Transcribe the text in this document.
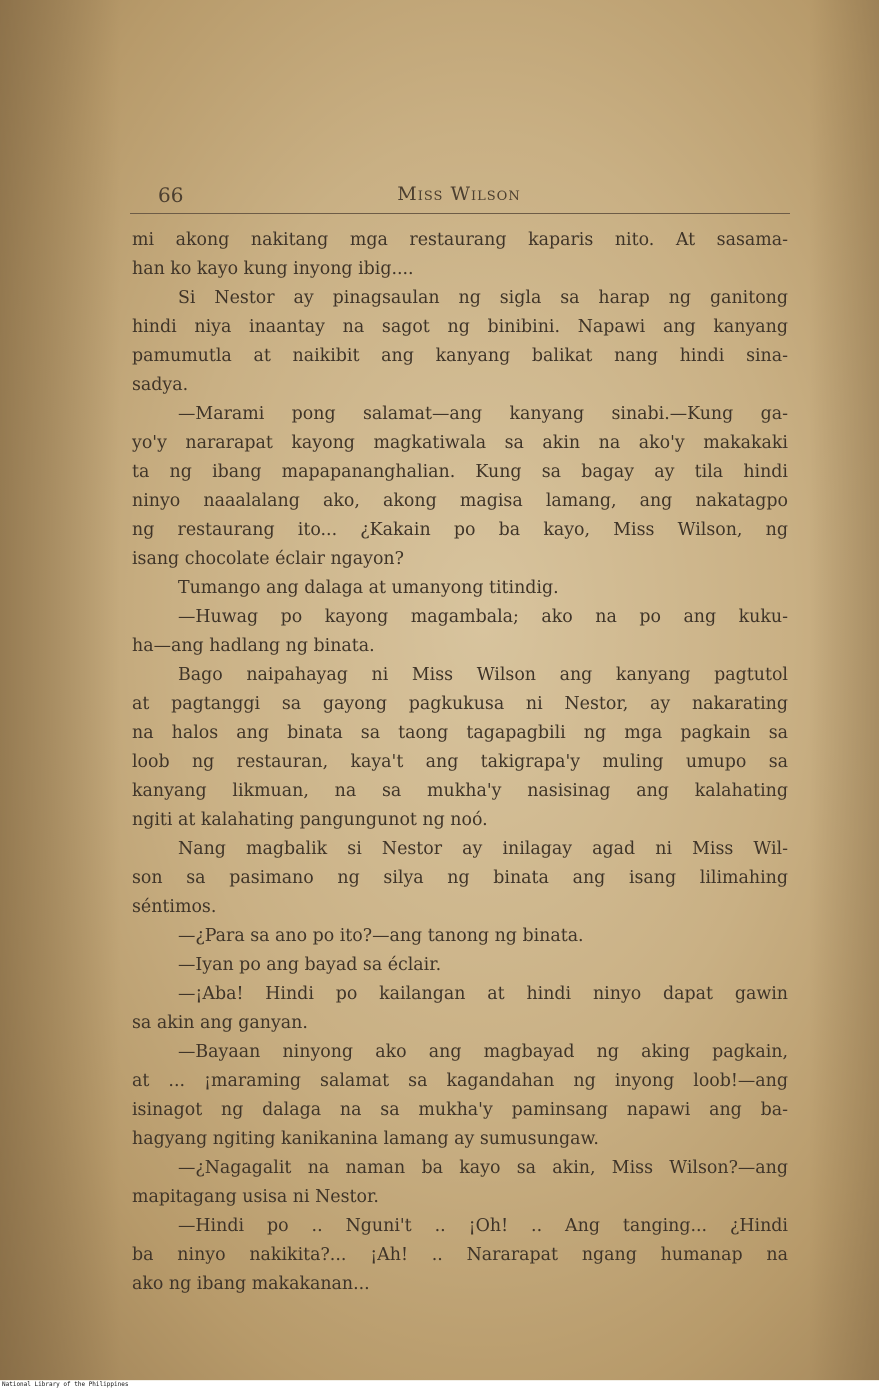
66	Miss Wilson
mi akong nakitang mga restaurang kaparis nito. At sasama-
han ko kayo kung inyong ibig....
Si Nestor ay pinagsaulan ng sigla sa harap ng ganitong
hindi niya inaantay na sagot ng binibini. Napawi ang kanyang
pamumutla at naikibit ang kanyang balikat nang hindi sina-
sadya.
—Marami pong salamat—ang kanyang sinabi.—Kung ga-
yo'y nararapat kayong magkatiwala sa akin na ako'y makakaki
ta ng ibang mapapananghalian. Kung sa bagay ay tila hindi
ninyo naaalalang ako, akong magisa lamang, ang nakatagpo
ng restaurang ito... ¿Kakain po ba kayo, Miss Wilson, ng
isang chocolate éclair ngayon?
Tumango ang dalaga at umanyong titindig.
—Huwag po kayong magambala; ako na po ang kuku-
ha—ang hadlang ng binata.
Bago naipahayag ni Miss Wilson ang kanyang pagtutol
at pagtanggi sa gayong pagkukusa ni Nestor, ay nakarating
na halos ang binata sa taong tagapagbili ng mga pagkain sa
loob ng restauran, kaya't ang takigrapa'y muling umupo sa
kanyang likmuan, na sa mukha'y nasisinag ang kalahating
ngiti at kalahating pangungunot ng noó.
Nang magbalik si Nestor ay inilagay agad ni Miss Wil-
son sa pasimano ng silya ng binata ang isang lilimahing
séntimos.
—¿Para sa ano po ito?—ang tanong ng binata.
—Iyan po ang bayad sa éclair.
—¡Aba! Hindi po kailangan at hindi ninyo dapat gawin
sa akin ang ganyan.
—Bayaan ninyong ako ang magbayad ng aking pagkain,
at ... ¡maraming salamat sa kagandahan ng inyong loob!—ang
isinagot ng dalaga na sa mukha'y paminsang napawi ang ba-
hagyang ngiting kanikanina lamang ay sumusungaw.
—¿Nagagalit na naman ba kayo sa akin, Miss Wilson?—ang
mapitagang usisa ni Nestor.
—Hindi po .. Nguni't .. ¡Oh! .. Ang tanging... ¿Hindi
ba ninyo nakikita?... ¡Ah! .. Nararapat ngang humanap na
ako ng ibang makakanan...
National Library of the Philippines
